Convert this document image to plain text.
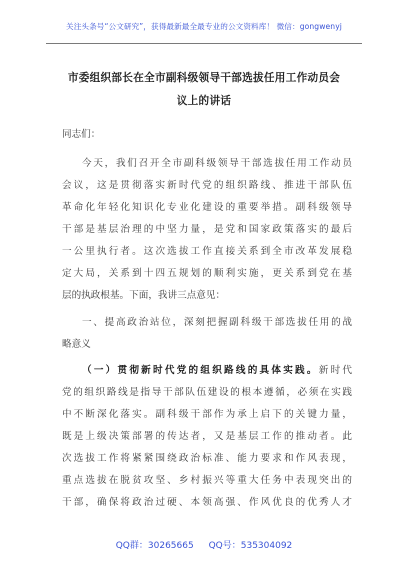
关注头条号“公文研究”，获得最新最全最专业的公文资料库！ 微信：gongwenyj
市委组织部长在全市副科级领导干部选拔任用工作动员会
议上的讲话
同志们：
今天，我们召开全市副科级领导干部选拔任用工作动员
会议，这是贯彻落实新时代党的组织路线、推进干部队伍
革命化年轻化知识化专业化建设的重要举措。副科级领导
干部是基层治理的中坚力量，是党和国家政策落实的最后
一公里执行者。这次选拔工作直接关系到全市改革发展稳
定大局，关系到十四五规划的顺利实施，更关系到党在基
层的执政根基。下面，我讲三点意见：
一、提高政治站位，深刻把握副科级干部选拔任用的战
略意义
（一）贯彻新时代党的组织路线的具体实践。新时代
党的组织路线是指导干部队伍建设的根本遵循，必须在实践
中不断深化落实。副科级干部作为承上启下的关键力量，
既是上级决策部署的传达者，又是基层工作的推动者。此
次选拔工作将紧紧围绕政治标准、能力要求和作风表现，
重点选拔在脱贫攻坚、乡村振兴等重大任务中表现突出的
干部，确保将政治过硬、本领高强、作风优良的优秀人才
QQ群：30265665 QQ号：535304092
